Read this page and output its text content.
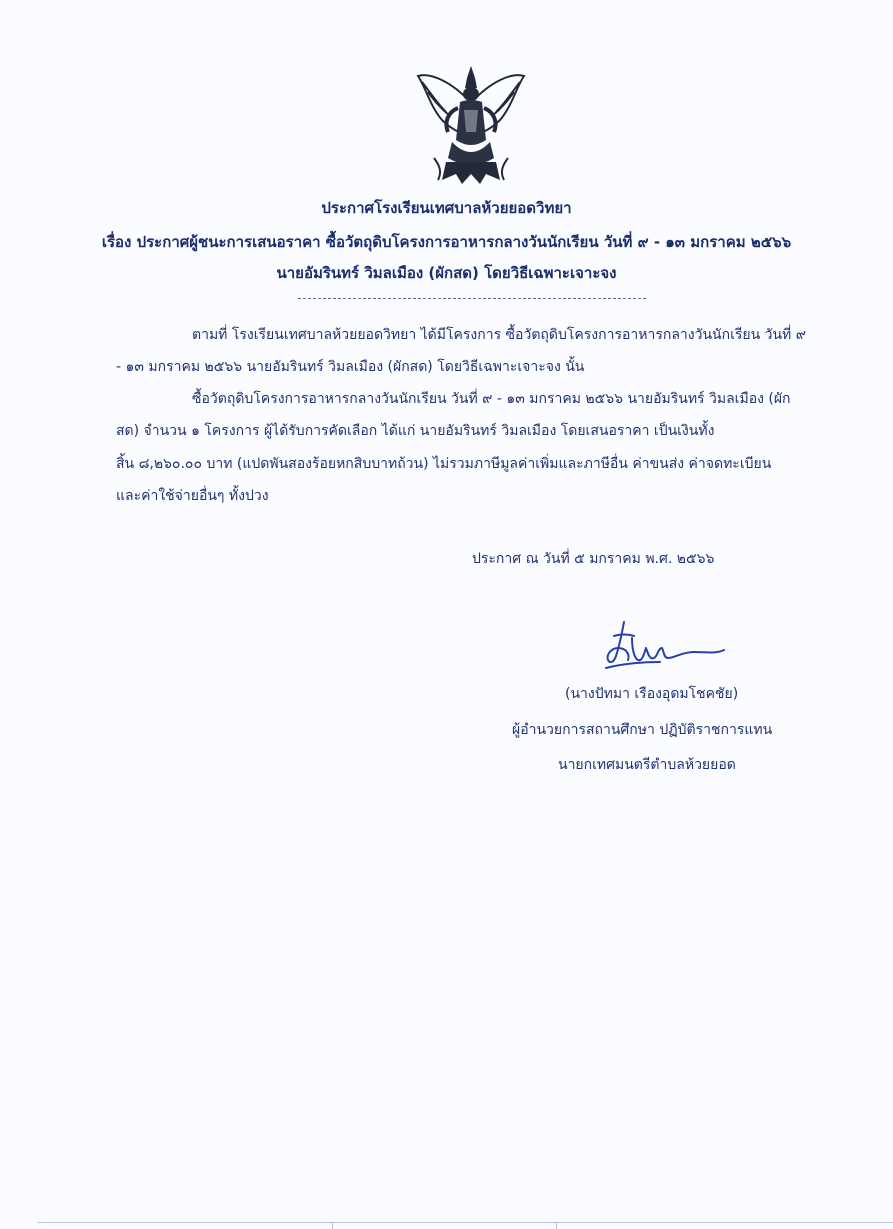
ประกาศโรงเรียนเทศบาลห้วยยอดวิทยา
เรื่อง ประกาศผู้ชนะการเสนอราคา ซื้อวัตถุดิบโครงการอาหารกลางวันนักเรียน วันที่ ๙ - ๑๓ มกราคม ๒๕๖๖
นายอัมรินทร์ วิมลเมือง (ผักสด) โดยวิธีเฉพาะเจาะจง
ตามที่ โรงเรียนเทศบาลห้วยยอดวิทยา ได้มีโครงการ ซื้อวัตถุดิบโครงการอาหารกลางวันนักเรียน วันที่ ๙
- ๑๓ มกราคม ๒๕๖๖ นายอัมรินทร์ วิมลเมือง (ผักสด) โดยวิธีเฉพาะเจาะจง นั้น
ซื้อวัตถุดิบโครงการอาหารกลางวันนักเรียน วันที่ ๙ - ๑๓ มกราคม ๒๕๖๖ นายอัมรินทร์ วิมลเมือง (ผัก
สด) จำนวน ๑ โครงการ ผู้ได้รับการคัดเลือก ได้แก่ นายอัมรินทร์ วิมลเมือง โดยเสนอราคา เป็นเงินทั้ง
สิ้น ๘,๒๖๐.๐๐ บาท (แปดพันสองร้อยหกสิบบาทถ้วน) ไม่รวมภาษีมูลค่าเพิ่มและภาษีอื่น ค่าขนส่ง ค่าจดทะเบียน
และค่าใช้จ่ายอื่นๆ ทั้งปวง
ประกาศ ณ วันที่ ๕ มกราคม พ.ศ. ๒๕๖๖
(นางปัทมา เรืองอุดมโชคชัย)
ผู้อำนวยการสถานศึกษา ปฏิบัติราชการแทน
นายกเทศมนตรีตำบลห้วยยอด
